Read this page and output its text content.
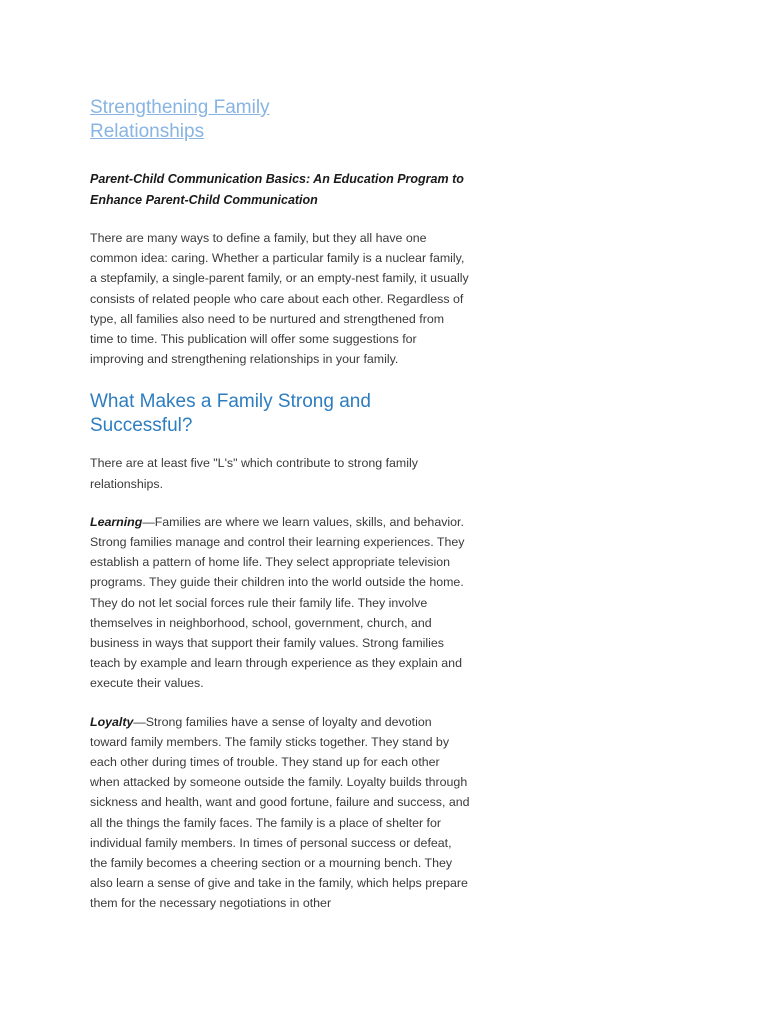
Strengthening Family Relationships

Parent-Child Communication Basics: An Education Program to Enhance Parent-Child Communication

There are many ways to define a family, but they all have one common idea: caring. Whether a particular family is a nuclear family, a stepfamily, a single-parent family, or an empty-nest family, it usually consists of related people who care about each other. Regardless of type, all families also need to be nurtured and strengthened from time to time. This publication will offer some suggestions for improving and strengthening relationships in your family.

What Makes a Family Strong and Successful?

There are at least five "L's" which contribute to strong family relationships.

Learning—Families are where we learn values, skills, and behavior. Strong families manage and control their learning experiences. They establish a pattern of home life. They select appropriate television programs. They guide their children into the world outside the home. They do not let social forces rule their family life. They involve themselves in neighborhood, school, government, church, and business in ways that support their family values. Strong families teach by example and learn through experience as they explain and execute their values.

Loyalty—Strong families have a sense of loyalty and devotion toward family members. The family sticks together. They stand by each other during times of trouble. They stand up for each other when attacked by someone outside the family. Loyalty builds through sickness and health, want and good fortune, failure and success, and all the things the family faces. The family is a place of shelter for individual family members. In times of personal success or defeat, the family becomes a cheering section or a mourning bench. They also learn a sense of give and take in the family, which helps prepare them for the necessary negotiations in other
